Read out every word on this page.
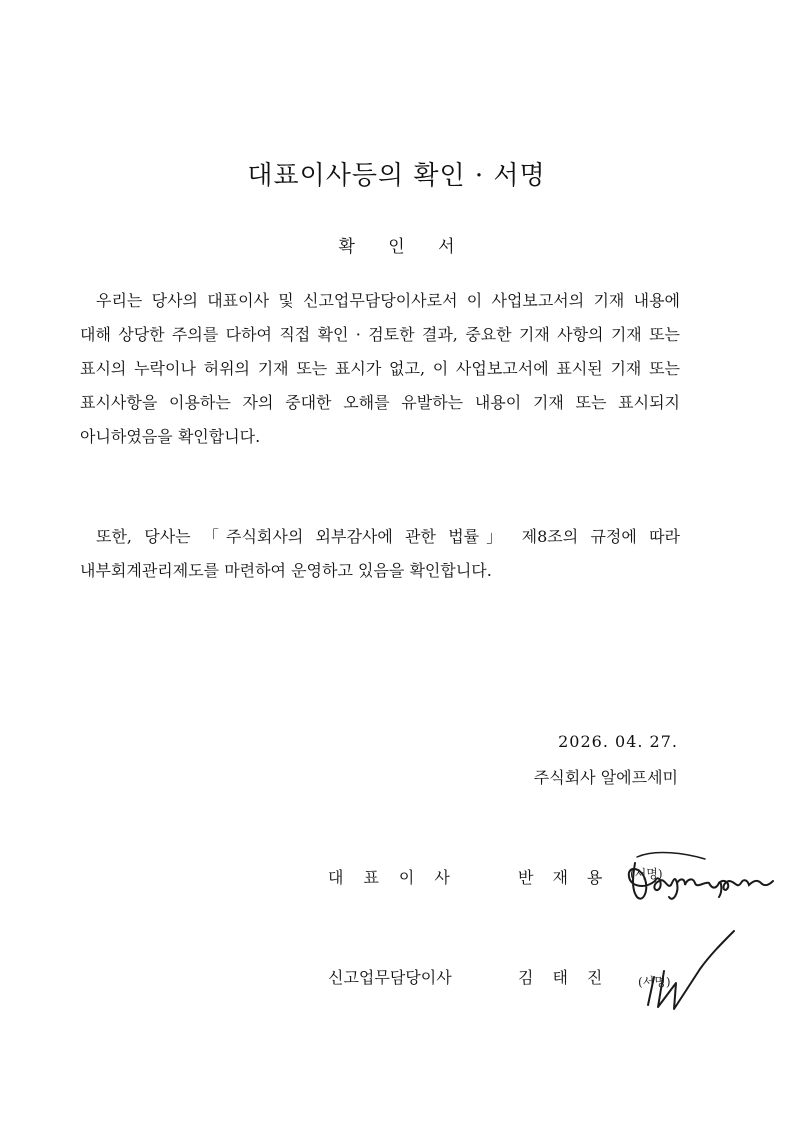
대표이사등의 확인 · 서명
확 인 서
우리는 당사의 대표이사 및 신고업무담당이사로서 이 사업보고서의 기재 내용에 대해 상당한 주의를 다하여 직접 확인 · 검토한 결과, 중요한 기재 사항의 기재 또는 표시의 누락이나 허위의 기재 또는 표시가 없고, 이 사업보고서에 표시된 기재 또는 표시사항을 이용하는 자의 중대한 오해를 유발하는 내용이 기재 또는 표시되지 아니하였음을 확인합니다.
또한, 당사는 「주식회사의 외부감사에 관한 법률」 제8조의 규정에 따라 내부회계관리제도를 마련하여 운영하고 있음을 확인합니다.
2026. 04. 27.
주식회사 알에프세미
대표이사	반재용 (서명)
신고업무담당이사	김태진 (서명)
